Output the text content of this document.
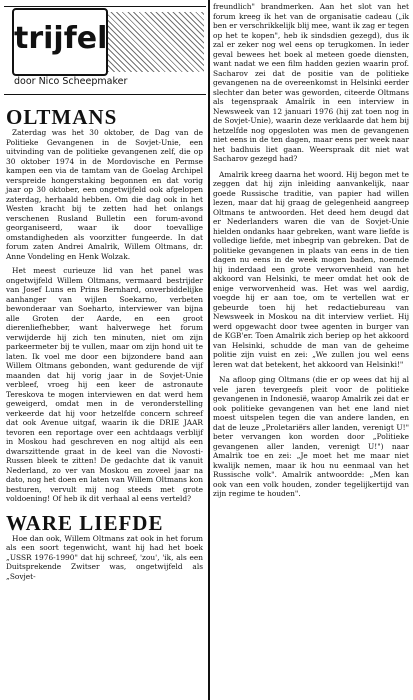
trijfel
door Nico Scheepmaker
OLTMANS

Zaterdag was het 30 oktober, de Dag van de Politieke Gevangenen in de Sovjet-Unie, een uitvinding van de politieke gevangenen zelf, die op 30 oktober 1974 in de Mordovische en Permse kampen een via de tamtam van de Goelag Archipel verspreide hongerstaking begonnen en dat vorig jaar op 30 oktober, een ongetwijfeld ook afgelopen zaterdag, herhaald hebben. Om die dag ook in het Westen kracht bij te zetten had het onlangs verschenen Rusland Bulletin een forum-avond georganiseerd, waar ik door toevallige omstandigheden als voorzitter fungeerde. In dat forum zaten Andrei Amalrik, Willem Oltmans, dr. Anne Vondeling en Henk Wolzak.

Het meest curieuze lid van het panel was ongetwijfeld Willem Oltmans, vermaard bestrijder van Josef Luns en Prins Bernhard, onverbiddelijke aanhanger van wijlen Soekarno, verbeten bewonderaar van Soeharto, interviewer van bijna alle Groten der Aarde, en een groot dierenliefhebber, want halverwege het forum verwijderde hij zich ten minuten, niet om zijn parkeermeter bij te vullen, maar om zijn hond uit te laten. Ik voel me door een bijzondere band aan Willem Oltmans gebonden, want gedurende de vijf maanden dat hij vorig jaar in de Sovjet-Unie verbleef, vroeg hij een keer de astronaute Tereskova te mogen interviewen en dat werd hem geweigerd, omdat men in de veronderstelling verkeerde dat hij voor hetzelfde concern schreef dat ook Avenue uitgaf, waarin ik die DRIE JAAR tevoren een reportage over een achtdaags verblijf in Moskou had geschreven en nog altijd als een dwarszittende graat in de keel van die Novosti-Russen bleek te zitten! De gedachte dat ik vanuit Nederland, zo ver van Moskou en zoveel jaar na dato, nog het doen en laten van Willem Oltmans kon besturen, vervult mij nog steeds met grote voldoening! Of heb ik dit verhaal al eens verteld?

WARE LIEFDE

Hoe dan ook, Willem Oltmans zat ook in het forum als een soort tegenwicht, want hij had het boek „USSR 1976-1990" dat hij schreef, 'zou', 'ik, als een Duitsprekende Zwitser was, ongetwijfeld als „Sovjet-

freundlich" brandmerken. Aan het slot van het forum kreeg ik het van de organisatie cadeau („ik ben er verschrikkelijk blij mee, want ik zag er tegen op het te kopen", heb ik sindsdien gezegd), dus ik zal er zeker nog wel eens op terugkomen. In ieder geval bewees het boek al meteen goede diensten, want nadat we een film hadden gezien waarin prof. Sacharov zei dat de positie van de politieke gevangenen na de overeenkomst in Helsinki eerder slechter dan beter was geworden, citeerde Oltmans als tegenspraak Amalrik in een interview in Newsweek van 12 januari 1976 (hij zat toen nog in de Sovjet-Unie), waarin deze verklaarde dat hem bij hetzelfde nog opgesloten was men de gevangenen niet eens in de ten dagen, maar eens per week naar het badhuis liet gaan. Weerspraak dit niet wat Sacharov gezegd had?

Amalrik kreeg daarna het woord. Hij begon met te zeggen dat hij zijn inleiding aanvankelijk, naar goede Russische traditie, van papier had willen lezen, maar dat hij graag de gelegenheid aangreep Oltmans te antwoorden. Het deed hem deugd dat er Nederlanders waren die van de Sovjet-Unie hielden ondanks haar gebreken, want ware liefde is volledige liefde, met inbegrip van gebreken. Dat de politieke gevangenen in plaats van eens in de tien dagen nu eens in de week mogen baden, noemde hij inderdaad een grote verworvenheid van het akkoord van Helsinki, te meer omdat het ook de enige verworvenheid was. Het was wel aardig, voegde hij er aan toe, om te vertellen wat er gebeurde toen hij het redactiebureau van Newsweek in Moskou na dit interview verliet. Hij werd opgewacht door twee agenten in burger van de KGB'er. Toen Amalrik zich beriep op het akkoord van Helsinki, schudde de man van de geheime politie zijn vuist en zei: „We zullen jou wel eens leren wat dat betekent, het akkoord van Helsinki!"

Na afloop ging Oltmans (die er op wees dat hij al vele jaren tevergeefs pleit voor de politieke gevangenen in Indonesië, waarop Amalrik zei dat er ook politieke gevangenen van het ene land niet moest uitspelen tegen die van andere landen, en dat de leuze „Proletariërs aller landen, verenigt U!" beter vervangen kon worden door „Politieke gevangenen aller landen, verenigt U!") naar Amalrik toe en zei: „Je moet het me maar niet kwalijk nemen, maar ik hou nu eenmaal van het Russische volk". Amalrik antwoordde: „Men kan ook van een volk houden, zonder tegelijkertijd van zijn regime te houden".
